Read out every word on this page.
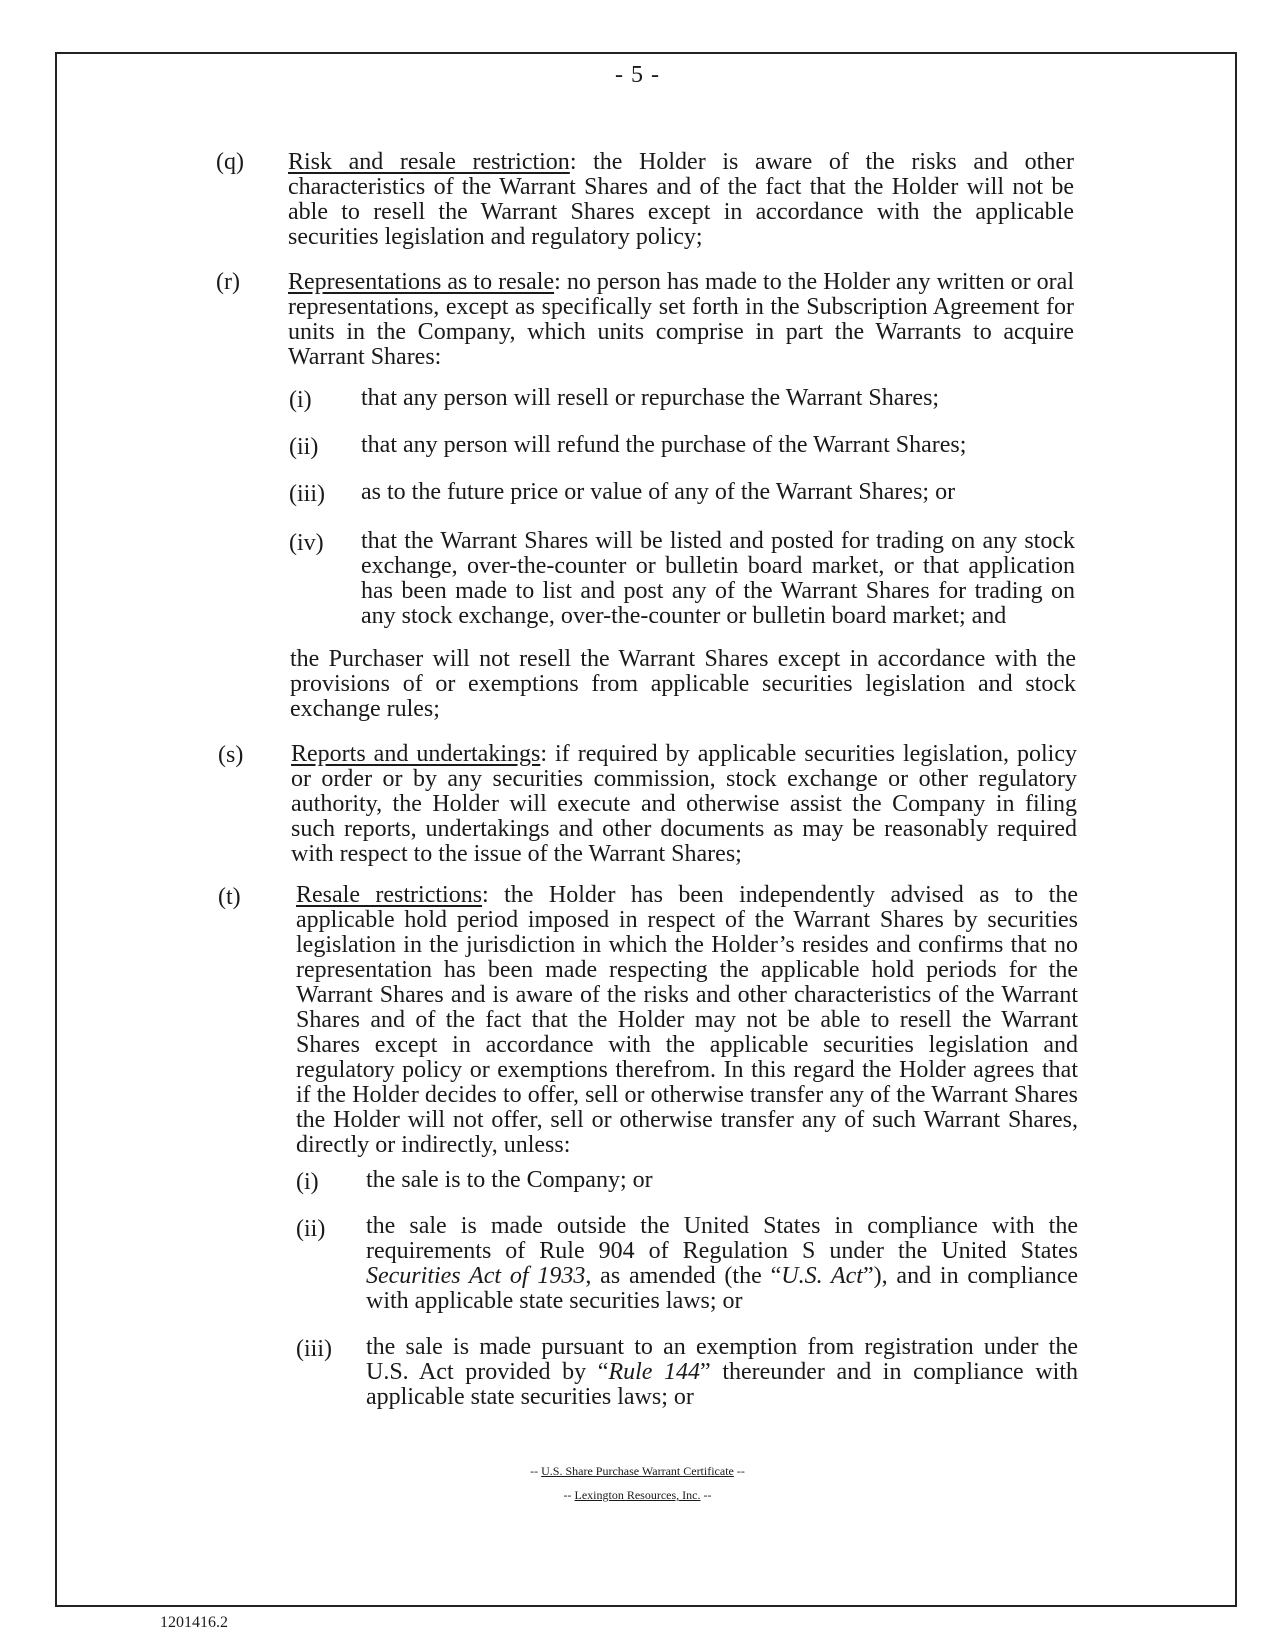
- 5 -
(q) Risk and resale restriction: the Holder is aware of the risks and other characteristics of the Warrant Shares and of the fact that the Holder will not be able to resell the Warrant Shares except in accordance with the applicable securities legislation and regulatory policy;
(r) Representations as to resale: no person has made to the Holder any written or oral representations, except as specifically set forth in the Subscription Agreement for units in the Company, which units comprise in part the Warrants to acquire Warrant Shares:
(i) that any person will resell or repurchase the Warrant Shares;
(ii) that any person will refund the purchase of the Warrant Shares;
(iii) as to the future price or value of any of the Warrant Shares; or
(iv) that the Warrant Shares will be listed and posted for trading on any stock exchange, over-the-counter or bulletin board market, or that application has been made to list and post any of the Warrant Shares for trading on any stock exchange, over-the-counter or bulletin board market; and
the Purchaser will not resell the Warrant Shares except in accordance with the provisions of or exemptions from applicable securities legislation and stock exchange rules;
(s) Reports and undertakings: if required by applicable securities legislation, policy or order or by any securities commission, stock exchange or other regulatory authority, the Holder will execute and otherwise assist the Company in filing such reports, undertakings and other documents as may be reasonably required with respect to the issue of the Warrant Shares;
(t) Resale restrictions: the Holder has been independently advised as to the applicable hold period imposed in respect of the Warrant Shares by securities legislation in the jurisdiction in which the Holder’s resides and confirms that no representation has been made respecting the applicable hold periods for the Warrant Shares and is aware of the risks and other characteristics of the Warrant Shares and of the fact that the Holder may not be able to resell the Warrant Shares except in accordance with the applicable securities legislation and regulatory policy or exemptions therefrom. In this regard the Holder agrees that if the Holder decides to offer, sell or otherwise transfer any of the Warrant Shares the Holder will not offer, sell or otherwise transfer any of such Warrant Shares, directly or indirectly, unless:
(i) the sale is to the Company; or
(ii) the sale is made outside the United States in compliance with the requirements of Rule 904 of Regulation S under the United States Securities Act of 1933, as amended (the “U.S. Act”), and in compliance with applicable state securities laws; or
(iii) the sale is made pursuant to an exemption from registration under the U.S. Act provided by “Rule 144” thereunder and in compliance with applicable state securities laws; or
-- U.S. Share Purchase Warrant Certificate --
-- Lexington Resources, Inc. --
1201416.2
